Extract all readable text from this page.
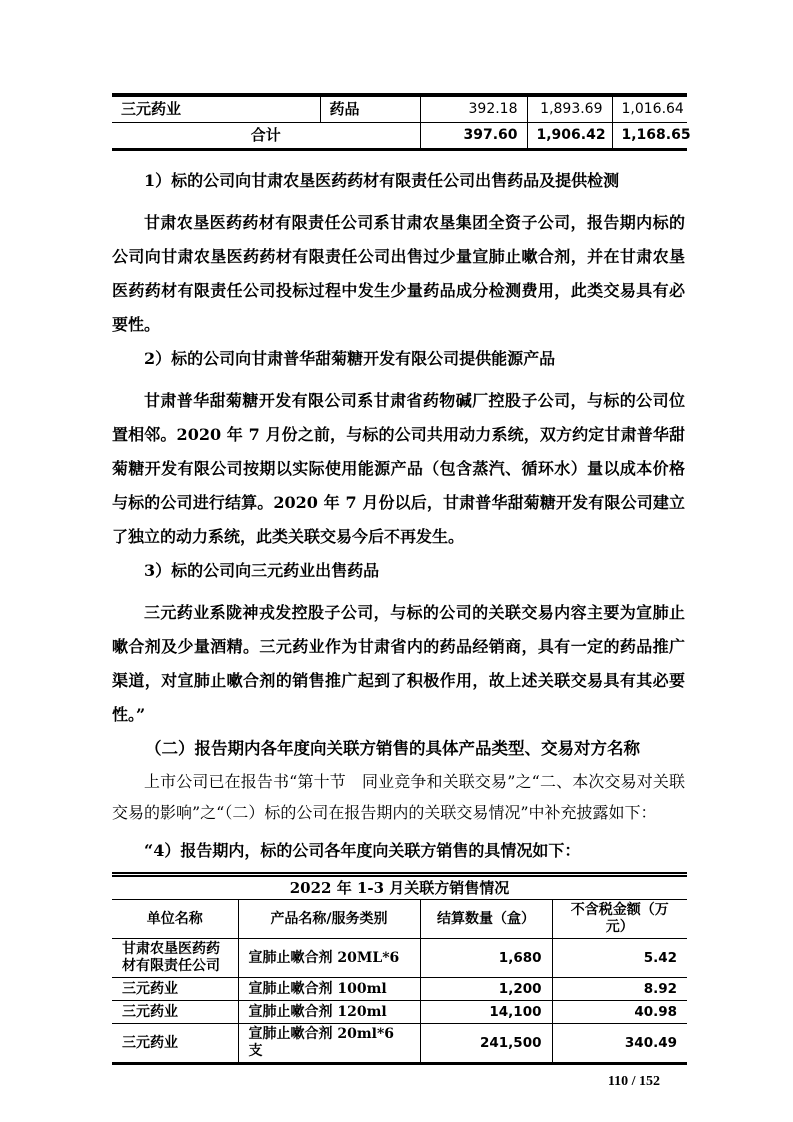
三元药业	药品	392.18	1,893.69	1,016.64
合计		397.60	1,906.42	1,168.65

1）标的公司向甘肃农垦医药药材有限责任公司出售药品及提供检测

甘肃农垦医药药材有限责任公司系甘肃农垦集团全资子公司，报告期内标的公司向甘肃农垦医药药材有限责任公司出售过少量宣肺止嗽合剂，并在甘肃农垦医药药材有限责任公司投标过程中发生少量药品成分检测费用，此类交易具有必要性。

2）标的公司向甘肃普华甜菊糖开发有限公司提供能源产品

甘肃普华甜菊糖开发有限公司系甘肃省药物碱厂控股子公司，与标的公司位置相邻。2020 年 7 月份之前，与标的公司共用动力系统，双方约定甘肃普华甜菊糖开发有限公司按期以实际使用能源产品（包含蒸汽、循环水）量以成本价格与标的公司进行结算。2020 年 7 月份以后，甘肃普华甜菊糖开发有限公司建立了独立的动力系统，此类关联交易今后不再发生。

3）标的公司向三元药业出售药品

三元药业系陇神戎发控股子公司，与标的公司的关联交易内容主要为宣肺止嗽合剂及少量酒精。三元药业作为甘肃省内的药品经销商，具有一定的药品推广渠道，对宣肺止嗽合剂的销售推广起到了积极作用，故上述关联交易具有其必要性。”

（二）报告期内各年度向关联方销售的具体产品类型、交易对方名称

上市公司已在报告书“第十节　同业竞争和关联交易”之“二、本次交易对关联交易的影响”之“（二）标的公司在报告期内的关联交易情况”中补充披露如下：

“4）报告期内，标的公司各年度向关联方销售的具情况如下：

2022 年 1-3 月关联方销售情况			
单位名称	产品名称/服务类别	结算数量（盒）	不含税金额（万元）
甘肃农垦医药药材有限责任公司	宣肺止嗽合剂 20ML*6	1,680	5.42
三元药业	宣肺止嗽合剂 100ml	1,200	8.92
三元药业	宣肺止嗽合剂 120ml	14,100	40.98
三元药业	宣肺止嗽合剂 20ml*6 支	241,500	340.49
110 / 152
